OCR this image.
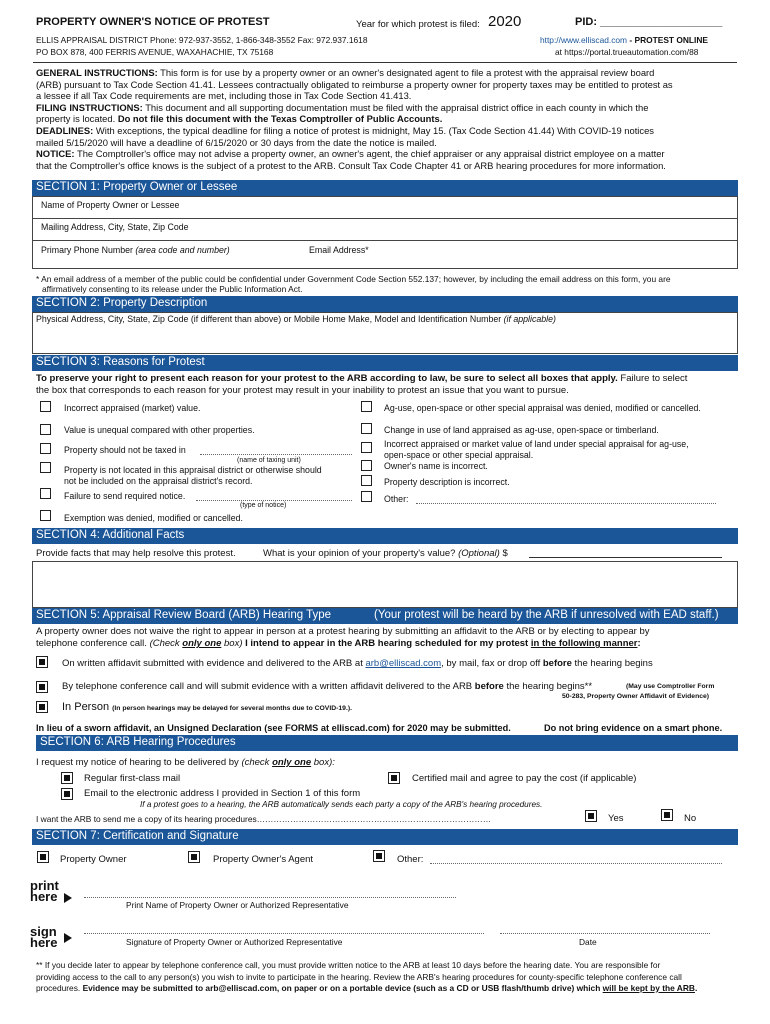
PROPERTY OWNER'S NOTICE OF PROTEST	Year for which protest is filed: 2020	PID: ____________________
ELLIS APPRAISAL DISTRICT Phone: 972-937-3552, 1-866-348-3552 Fax: 972.937.1618
PO BOX 878, 400 FERRIS AVENUE, WAXAHACHIE, TX 75168
http://www.elliscad.com - PROTEST ONLINE
at https://portal.trueautomation.com/88
GENERAL INSTRUCTIONS: This form is for use by a property owner or an owner's designated agent to file a protest with the appraisal review board
(ARB) pursuant to Tax Code Section 41.41. Lessees contractually obligated to reimburse a property owner for property taxes may be entitled to protest as
a lessee if all Tax Code requirements are met, including those in Tax Code Section 41.413.
FILING INSTRUCTIONS: This document and all supporting documentation must be filed with the appraisal district office in each county in which the
property is located. Do not file this document with the Texas Comptroller of Public Accounts.
DEADLINES: With exceptions, the typical deadline for filing a notice of protest is midnight, May 15. (Tax Code Section 41.44) With COVID-19 notices
mailed 5/15/2020 will have a deadline of 6/15/2020 or 30 days from the date the notice is mailed.
NOTICE: The Comptroller's office may not advise a property owner, an owner's agent, the chief appraiser or any appraisal district employee on a matter
that the Comptroller's office knows is the subject of a protest to the ARB. Consult Tax Code Chapter 41 or ARB hearing procedures for more information.
SECTION 1: Property Owner or Lessee
Name of Property Owner or Lessee
Mailing Address, City, State, Zip Code
Primary Phone Number (area code and number)	Email Address*
* An email address of a member of the public could be confidential under Government Code Section 552.137; however, by including the email address on this form, you are
affirmatively consenting to its release under the Public Information Act.
SECTION 2: Property Description
Physical Address, City, State, Zip Code (if different than above) or Mobile Home Make, Model and Identification Number (if applicable)
SECTION 3: Reasons for Protest
To preserve your right to present each reason for your protest to the ARB according to law, be sure to select all boxes that apply. Failure to select
the box that corresponds to each reason for your protest may result in your inability to protest an issue that you want to pursue.
Incorrect appraised (market) value.
Value is unequal compared with other properties.
Property should not be taxed in
(name of taxing unit)
Property is not located in this appraisal district or otherwise should
not be included on the appraisal district's record.
Failure to send required notice.
(type of notice)
Exemption was denied, modified or cancelled.
Ag-use, open-space or other special appraisal was denied, modified or cancelled.
Change in use of land appraised as ag-use, open-space or timberland.
Incorrect appraised or market value of land under special appraisal for ag-use,
open-space or other special appraisal.
Owner's name is incorrect.
Property description is incorrect.
Other:
SECTION 4: Additional Facts
Provide facts that may help resolve this protest.	What is your opinion of your property's value? (Optional) $
SECTION 5: Appraisal Review Board (ARB) Hearing Type	(Your protest will be heard by the ARB if unresolved with EAD staff.)
A property owner does not waive the right to appear in person at a protest hearing by submitting an affidavit to the ARB or by electing to appear by
telephone conference call. (Check only one box) I intend to appear in the ARB hearing scheduled for my protest in the following manner:
On written affidavit submitted with evidence and delivered to the ARB at arb@elliscad.com, by mail, fax or drop off before the hearing begins
By telephone conference call and will submit evidence with a written affidavit delivered to the ARB before the hearing begins**	(May use Comptroller Form
50-283, Property Owner Affidavit of Evidence)
In Person (In person hearings may be delayed for several months due to COVID-19.).
In lieu of a sworn affidavit, an Unsigned Declaration (see FORMS at elliscad.com) for 2020 may be submitted.	Do not bring evidence on a smart phone.
SECTION 6: ARB Hearing Procedures
I request my notice of hearing to be delivered by (check only one box):
Regular first-class mail	Certified mail and agree to pay the cost (if applicable)
Email to the electronic address I provided in Section 1 of this form
If a protest goes to a hearing, the ARB automatically sends each party a copy of the ARB's hearing procedures.
I want the ARB to send me a copy of its hearing procedures…………………………………………………………………………	Yes	No
SECTION 7: Certification and Signature
Property Owner	Property Owner's Agent	Other:
print
here
Print Name of Property Owner or Authorized Representative
sign
here	Signature of Property Owner or Authorized Representative	Date
** If you decide later to appear by telephone conference call, you must provide written notice to the ARB at least 10 days before the hearing date. You are responsible for
providing access to the call to any person(s) you wish to invite to participate in the hearing. Review the ARB's hearing procedures for county-specific telephone conference call
procedures. Evidence may be submitted to arb@elliscad.com, on paper or on a portable device (such as a CD or USB flash/thumb drive) which will be kept by the ARB.
